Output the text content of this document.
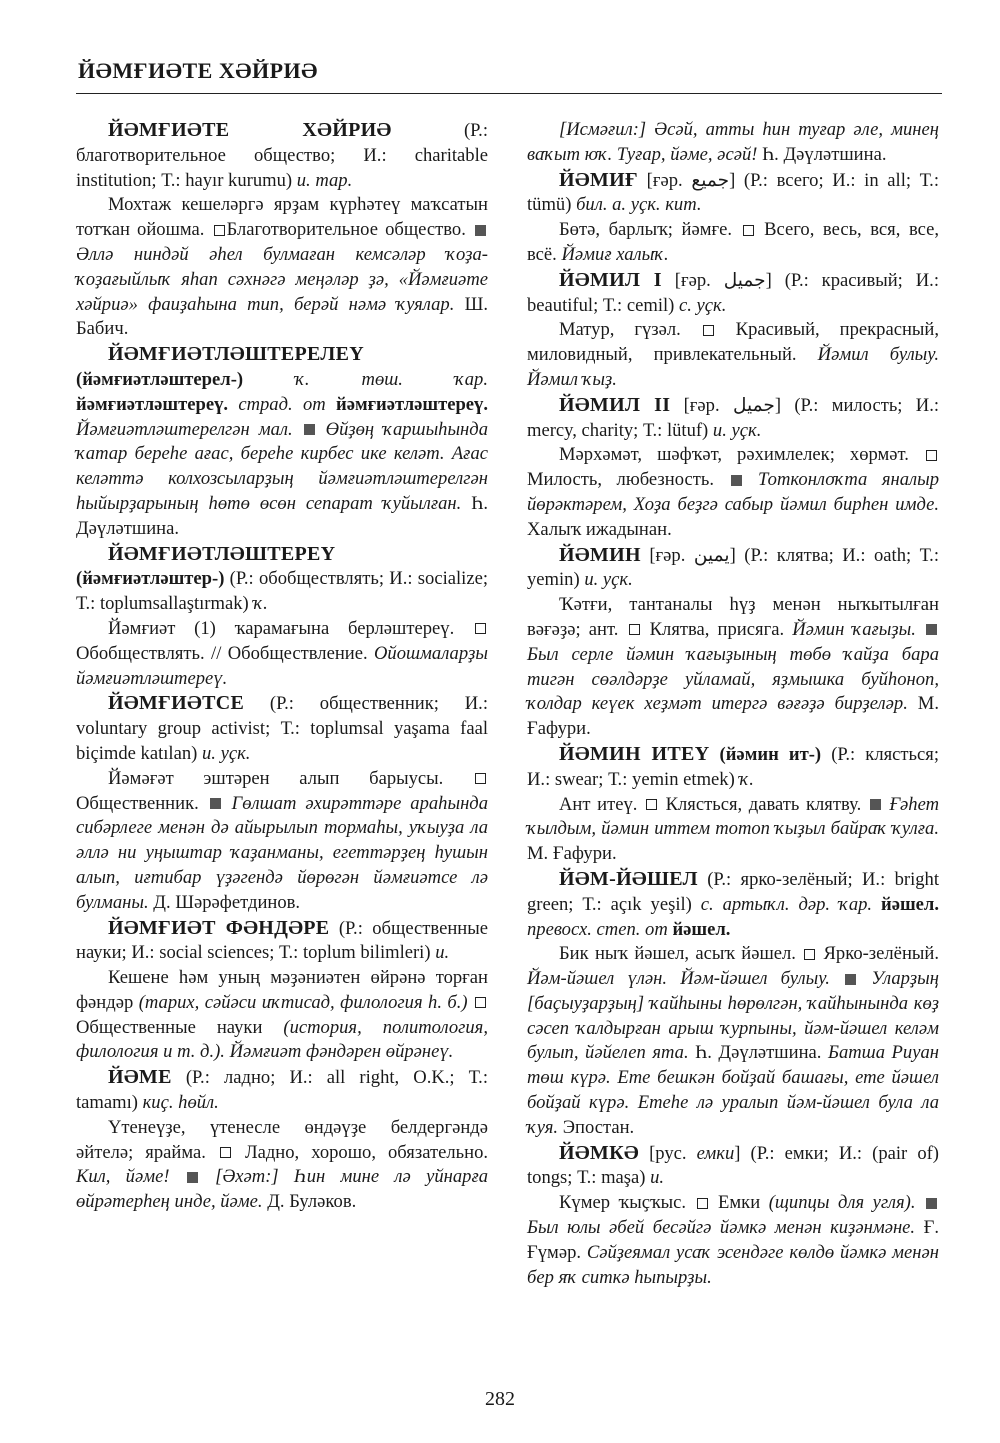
ЙӘМҒИӘТЕ ХӘЙРИӘ

ЙӘМҒИӘТЕ ХӘЙРИӘ	(Р.: благотворительное общество; И.: charitable institution; Т.: hayır kurumu) и. тар.

Мохтаж кешеләргә ярҙам күрһәтеү маҡсатын тотҡан ойошма. Благотворительное общество. Әллә ниндәй әһел булмаған кемсәләр ҡоҙа-ҡоҙағыйлыҡ яһап сәхнәгә меңәләр ҙә, «Йәмғиәте хәйриә» фаиҙаһына тип, берәй нәмә ҡуялар. Ш. Бабич.

ЙӘМҒИӘТЛӘШТЕРЕЛЕҮ (йәмғиәтләштерел-) ҡ. төш. ҡар. йәмғиәтләштереү. страд. от йәмғиәтләштереү. Йәмғиәтләштерелгән мал.  Өйҙөң ҡаршыһында ҡатар береһе ағас, береһе кирбес ике келәт. Ағас келәттә колхозсыларҙың йәмғиәтләштерелгән һыйырҙарының һөтө өсөн сепарат ҡуйылған. Һ. Дәүләтшина.

ЙӘМҒИӘТЛӘШТЕРЕҮ (йәмғиәтләштер-) (Р.: обобществлять; И.: socialize; Т.: toplumsallaştırmak) ҡ.

Йәмғиәт (1) ҡарамағына берләштереү. Обобществлять. // Обобществление. Ойошмаларҙы йәмғиәтләштереү.

ЙӘМҒИӘТСЕ (Р.: общественник; И.: voluntary group activist; Т.: toplumsal yaşama faal biçimde katılan) и. уҫк.

Йәмәғәт эштәрен алып барыусы. Общественник.  Гөлшат әхирәттәре араһында сибәрлеге менән дә айырылып тормаһы, уҡыуҙа ла әллә ни уңыштар ҡаҙанманы, егеттәрҙең һушын алып, иғтибар үҙәгендә йөрөгән йәмғиәтсе лә булманы. Д. Шәрәфетдинов.

ЙӘМҒИӘТ ФӘНДӘРЕ (Р.: общественные науки; И.: social sciences; Т.: toplum bilimleri) и.

Кешене һәм уның мәҙәниәтен өйрәнә торған фәндәр (тарих, сәйәси иҡтисад, филология һ. б.)  Общественные науки (история, политология, филология и т. д.). Йәмғиәт фәндәрен өйрәнеү.

ЙӘМЕ (Р.: ладно; И.: all right, O.K.; Т.: tamamı) киҫ. һөйл.

Үтенеүҙе, үтенесле өндәүҙе белдергәндә әйтелә; ярайма.  Ладно, хорошо, обязательно. Кил, йәме!  [Әхәт:] Һин мине лә уйнарға өйрәтерһең инде, йәме. Д. Буләков.

[Исмәғил:] Әсәй, атты һин туғар әле, минең ваҡыт юҡ. Туғар, йәме, әсәй! Һ. Дәүләтшина.

ЙӘМИҒ [ғәр. جميع] (Р.: всего; И.: in all; Т.: tümü) бил. а. уҫк. кит.

Бөтә, барлыҡ; йәмғе.  Всего, весь, вся, все, всё. Йәмиғ халыҡ.

ЙӘМИЛ I [ғәр. جميل] (Р.: красивый; И.: beautiful; Т.: cemil) с. уҫк.

Матур, гүзәл.  Красивый, прекрасный, миловидный, привлекательный. Йәмил булыу. Йәмил ҡыҙ.

ЙӘМИЛ II [ғәр. جميل] (Р.: милость; И.: mercy, charity; Т.: lütuf) и. уҫк.

Мәрхәмәт, шәфҡәт, рәхимлелек; хөрмәт.  Милость, любезность.  Тотконлоҡта яналыр йөрәктәрем, Хоҙа беҙгә сабыр йәмил бирһен имде. Халыҡ ижадынан.

ЙӘМИН [ғәр. يمين] (Р.: клятва; И.: oath; Т.: yemin) и. уҫк.

Ҡәтғи, тантаналы һүҙ менән ныҡытылған вәғәҙә; ант.  Клятва, присяга. Йәмин ҡағыҙы.  Был серле йәмин ҡағыҙының төбө ҡайҙа бара тигән сөәлдәрҙе уйламай, яҙмышка буйһоноп, ҡолдар кеүек хеҙмәт итергә вәғәҙә бирҙеләр. М. Ғафури.

ЙӘМИН ИТЕҮ (йәмин ит-) (Р.: клясться; И.: swear; Т.: yemin etmek) ҡ.

Ант итеү.  Клясться, давать клятву.  Ғәһет ҡылдым, йәмин иттем тотоп ҡыҙыл байраҡ ҡулға. М. Ғафури.

ЙӘМ-ЙӘШЕЛ (Р.: ярко-зелёный; И.: bright green; Т.: açık yeşil) с. артыҡл. дәр. ҡар. йәшел. превосх. степ. от йәшел.

Бик ныҡ йәшел, асыҡ йәшел.  Ярко-зелёный. Йәм-йәшел үлән. Йәм-йәшел булыу.  Уларҙың [баҫыуҙарҙың] ҡайһыны һөрөлгән, ҡайһынында көҙ сәсеп ҡалдырған арыш ҡурпыны, йәм-йәшел келәм булып, йәйелеп ята. Һ. Дәүләтшина. Батша Риуан төш күрә. Ете бешкән бойҙай башағы, ете йәшел бойҙай күрә. Етеһе лә уралып йәм-йәшел була ла ҡуя. Эпостан.

ЙӘМКӘ [рус. емки] (Р.: емки; И.: (pair of) tongs; Т.: maşa) и.

Күмер ҡыҫҡыс.  Емки (щипцы для угля).  Был юлы әбей бесәйгә йәмкә менән киҙәнмәне. Ғ. Ғүмәр. Сәйҙеямал усаҡ эсендәге көлдө йәмкә менән бер яҡ ситкә һыпырҙы.

282
